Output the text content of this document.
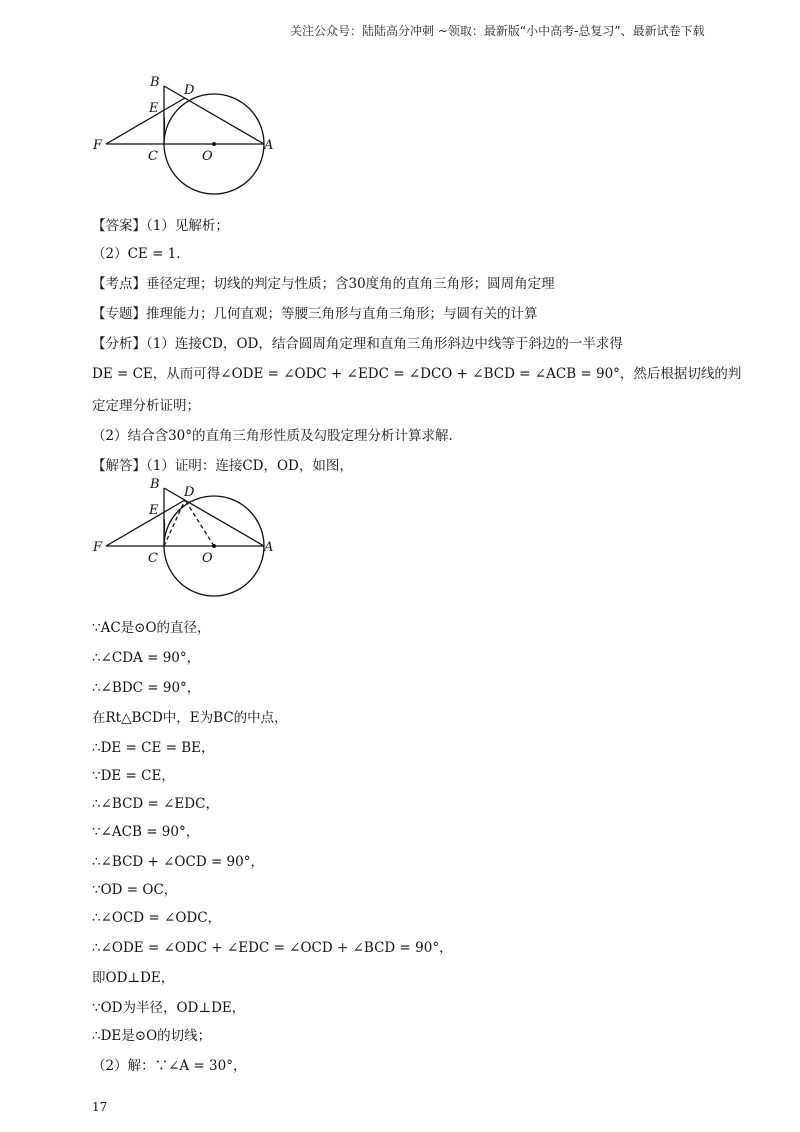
关注公众号：陆陆高分冲刺 ~领取：最新版“小中高考-总复习”、最新试卷下载
B
D
E
F
C	O
A
【答案】（1）见解析；
（2）CE = 1.
【考点】垂径定理；切线的判定与性质；含30度角的直角三角形；圆周角定理
【专题】推理能力；几何直观；等腰三角形与直角三角形；与圆有关的计算
【分析】（1）连接CD，OD，结合圆周角定理和直角三角形斜边中线等于斜边的一半求得
DE = CE，从而可得∠ODE = ∠ODC + ∠EDC = ∠DCO + ∠BCD = ∠ACB = 90°，然后根据切线的判
定定理分析证明；
（2）结合含30°的直角三角形性质及勾股定理分析计算求解.
【解答】（1）证明：连接CD，OD，如图，
B
D
E
F
C	O
A
∵AC是⊙O的直径，
∴∠CDA = 90°，
∴∠BDC = 90°，
在Rt△BCD中，E为BC的中点，
∴DE = CE = BE，
∵DE = CE，
∴∠BCD = ∠EDC，
∵∠ACB = 90°，
∴∠BCD + ∠OCD = 90°，
∵OD = OC，
∴∠OCD = ∠ODC，
∴∠ODE = ∠ODC + ∠EDC = ∠OCD + ∠BCD = 90°，
即OD⊥DE，
∵OD为半径，OD⊥DE，
∴DE是⊙O的切线；
（2）解：∵∠A = 30°，
17
